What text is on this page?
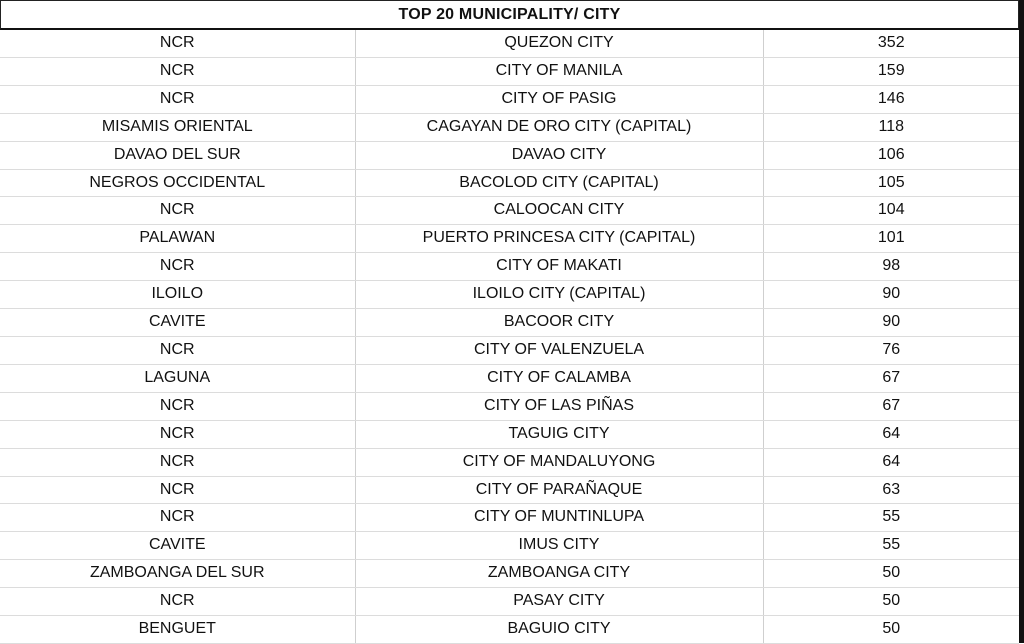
TOP 20 MUNICIPALITY/ CITY
NCR	QUEZON CITY	352
NCR	CITY OF MANILA	159
NCR	CITY OF PASIG	146
MISAMIS ORIENTAL	CAGAYAN DE ORO CITY (CAPITAL)	118
DAVAO DEL SUR	DAVAO CITY	106
NEGROS OCCIDENTAL	BACOLOD CITY (CAPITAL)	105
NCR	CALOOCAN CITY	104
PALAWAN	PUERTO PRINCESA CITY (CAPITAL)	101
NCR	CITY OF MAKATI	98
ILOILO	ILOILO CITY (CAPITAL)	90
CAVITE	BACOOR CITY	90
NCR	CITY OF VALENZUELA	76
LAGUNA	CITY OF CALAMBA	67
NCR	CITY OF LAS PIÑAS	67
NCR	TAGUIG CITY	64
NCR	CITY OF MANDALUYONG	64
NCR	CITY OF PARAÑAQUE	63
NCR	CITY OF MUNTINLUPA	55
CAVITE	IMUS CITY	55
ZAMBOANGA DEL SUR	ZAMBOANGA CITY	50
NCR	PASAY CITY	50
BENGUET	BAGUIO CITY	50
